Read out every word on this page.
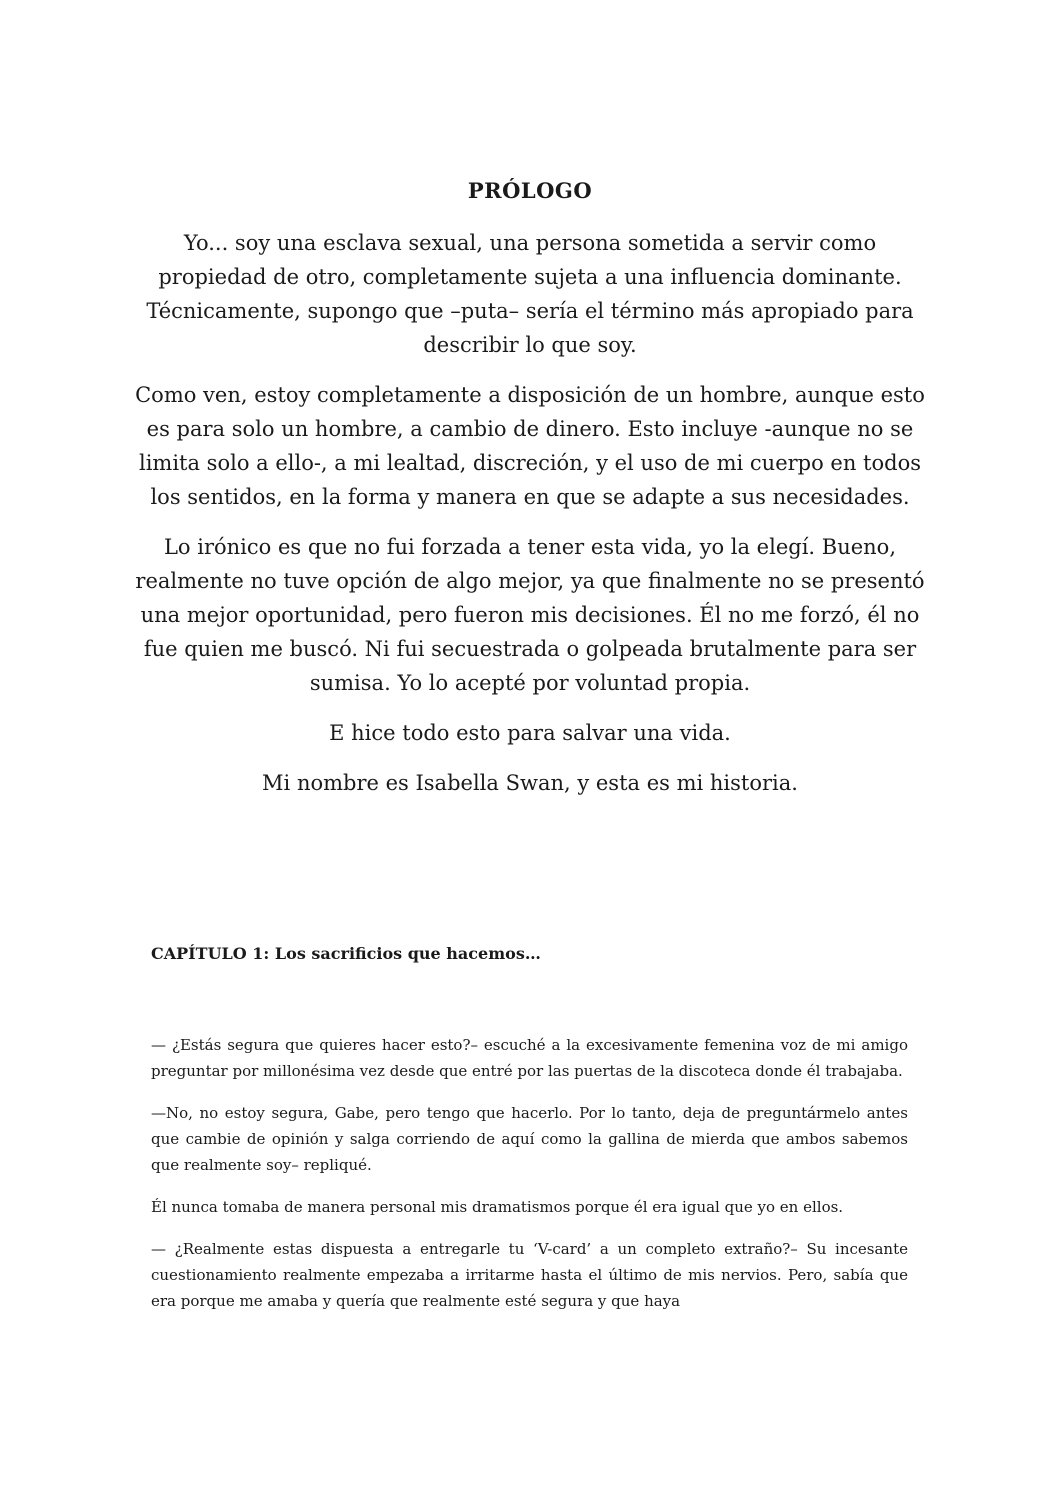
PRÓLOGO

Yo... soy una esclava sexual, una persona sometida a servir como propiedad de otro, completamente sujeta a una influencia dominante. Técnicamente, supongo que –puta– sería el término más apropiado para describir lo que soy.

Como ven, estoy completamente a disposición de un hombre, aunque esto es para solo un hombre, a cambio de dinero. Esto incluye -aunque no se limita solo a ello-, a mi lealtad, discreción, y el uso de mi cuerpo en todos los sentidos, en la forma y manera en que se adapte a sus necesidades.

Lo irónico es que no fui forzada a tener esta vida, yo la elegí. Bueno, realmente no tuve opción de algo mejor, ya que finalmente no se presentó una mejor oportunidad, pero fueron mis decisiones. Él no me forzó, él no fue quien me buscó. Ni fui secuestrada o golpeada brutalmente para ser sumisa. Yo lo acepté por voluntad propia.

E hice todo esto para salvar una vida.

Mi nombre es Isabella Swan, y esta es mi historia.

CAPÍTULO 1: Los sacrificios que hacemos…

— ¿Estás segura que quieres hacer esto?– escuché a la excesivamente femenina voz de mi amigo preguntar por millonésima vez desde que entré por las puertas de la discoteca donde él trabajaba.

—No, no estoy segura, Gabe, pero tengo que hacerlo. Por lo tanto, deja de preguntármelo antes que cambie de opinión y salga corriendo de aquí como la gallina de mierda que ambos sabemos que realmente soy– repliqué.

Él nunca tomaba de manera personal mis dramatismos porque él era igual que yo en ellos.

— ¿Realmente estas dispuesta a entregarle tu ‘V-card’ a un completo extraño?– Su incesante cuestionamiento realmente empezaba a irritarme hasta el último de mis nervios. Pero, sabía que era porque me amaba y quería que realmente esté segura y que haya
